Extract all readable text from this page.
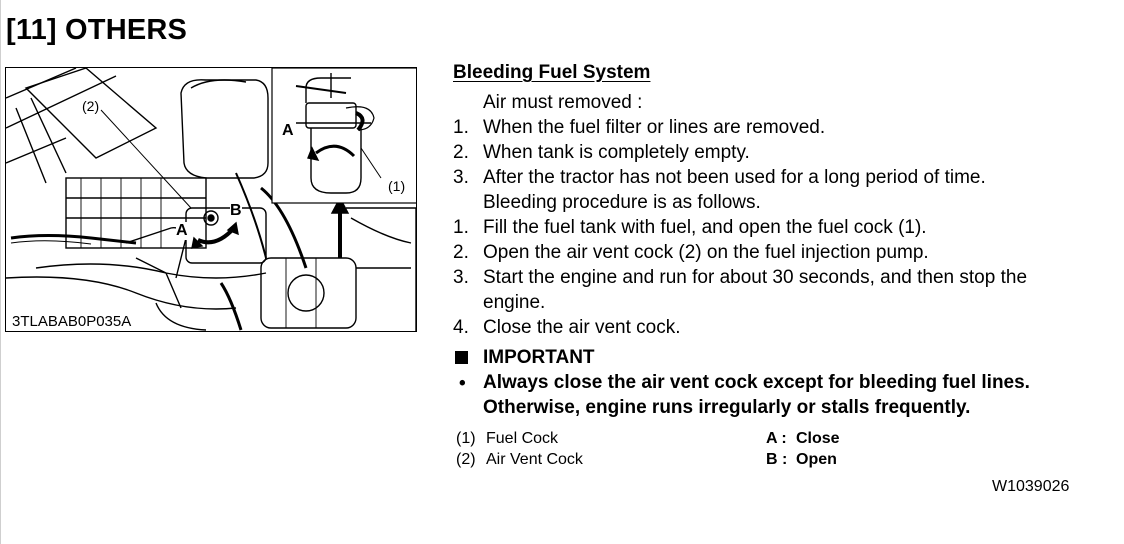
[11] OTHERS
3TLABAB0P035A
(2)
(1)
A
A
B
Bleeding Fuel System
Air must removed :
1. When the fuel filter or lines are removed.
2. When tank is completely empty.
3. After the tractor has not been used for a long period of time.
Bleeding procedure is as follows.
1. Fill the fuel tank with fuel, and open the fuel cock (1).
2. Open the air vent cock (2) on the fuel injection pump.
3. Start the engine and run for about 30 seconds, and then stop the
engine.
4. Close the air vent cock.
IMPORTANT
• Always close the air vent cock except for bleeding fuel lines.
Otherwise, engine runs irregularly or stalls frequently.
(1) Fuel Cock
(2) Air Vent Cock
A : Close
B : Open
W1039026
